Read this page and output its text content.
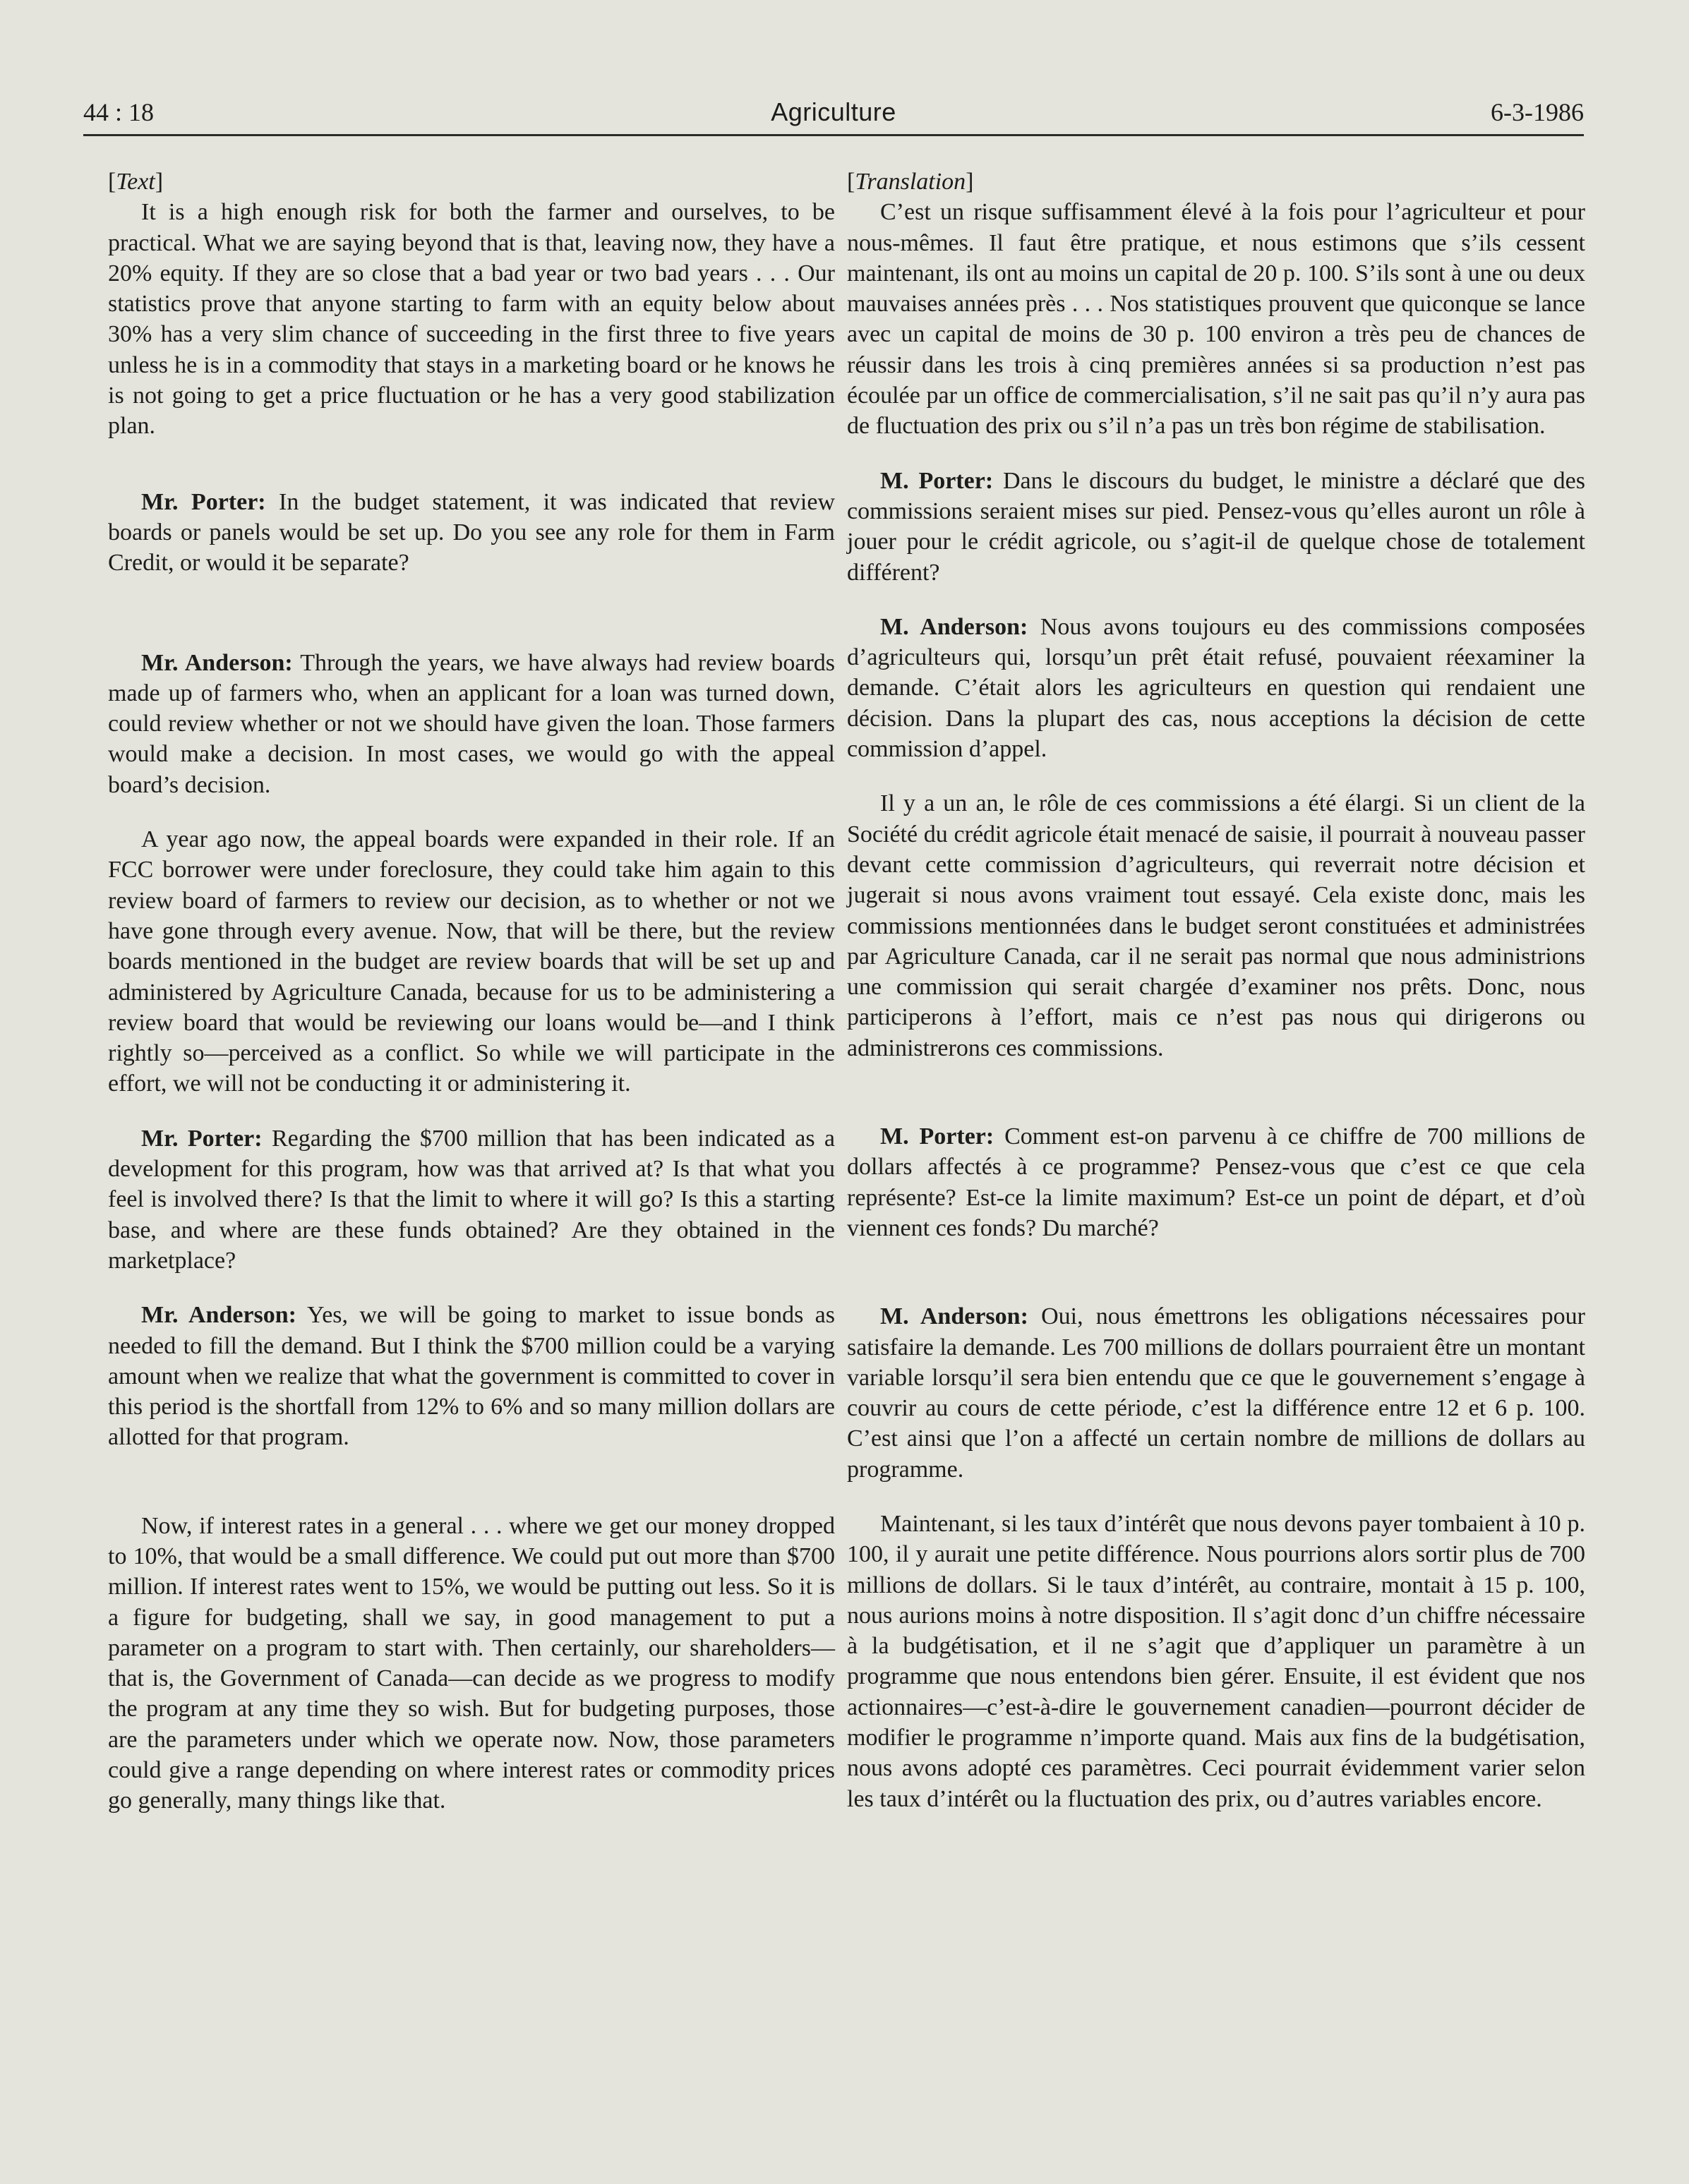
44 : 18	Agriculture	6-3-1986

[Text]

It is a high enough risk for both the farmer and ourselves, to be practical. What we are saying beyond that is that, leaving now, they have a 20% equity. If they are so close that a bad year or two bad years . . . Our statistics prove that anyone starting to farm with an equity below about 30% has a very slim chance of succeeding in the first three to five years unless he is in a commodity that stays in a marketing board or he knows he is not going to get a price fluctuation or he has a very good stabilization plan.

Mr. Porter: In the budget statement, it was indicated that review boards or panels would be set up. Do you see any role for them in Farm Credit, or would it be separate?

Mr. Anderson: Through the years, we have always had review boards made up of farmers who, when an applicant for a loan was turned down, could review whether or not we should have given the loan. Those farmers would make a decision. In most cases, we would go with the appeal board’s decision.

A year ago now, the appeal boards were expanded in their role. If an FCC borrower were under foreclosure, they could take him again to this review board of farmers to review our decision, as to whether or not we have gone through every avenue. Now, that will be there, but the review boards mentioned in the budget are review boards that will be set up and administered by Agriculture Canada, because for us to be administering a review board that would be reviewing our loans would be—and I think rightly so—perceived as a conflict. So while we will participate in the effort, we will not be conducting it or administering it.

Mr. Porter: Regarding the $700 million that has been indicated as a development for this program, how was that arrived at? Is that what you feel is involved there? Is that the limit to where it will go? Is this a starting base, and where are these funds obtained? Are they obtained in the marketplace?

Mr. Anderson: Yes, we will be going to market to issue bonds as needed to fill the demand. But I think the $700 million could be a varying amount when we realize that what the government is committed to cover in this period is the shortfall from 12% to 6% and so many million dollars are allotted for that program.

Now, if interest rates in a general . . . where we get our money dropped to 10%, that would be a small difference. We could put out more than $700 million. If interest rates went to 15%, we would be putting out less. So it is a figure for budgeting, shall we say, in good management to put a parameter on a program to start with. Then certainly, our shareholders—that is, the Government of Canada—can decide as we progress to modify the program at any time they so wish. But for budgeting purposes, those are the parameters under which we operate now. Now, those parameters could give a range depending on where interest rates or commodity prices go generally, many things like that.

[Translation]

C’est un risque suffisamment élevé à la fois pour l’agriculteur et pour nous-mêmes. Il faut être pratique, et nous estimons que s’ils cessent maintenant, ils ont au moins un capital de 20 p. 100. S’ils sont à une ou deux mauvaises années près . . . Nos statistiques prouvent que quiconque se lance avec un capital de moins de 30 p. 100 environ a très peu de chances de réussir dans les trois à cinq premières années si sa production n’est pas écoulée par un office de commercialisation, s’il ne sait pas qu’il n’y aura pas de fluctuation des prix ou s’il n’a pas un très bon régime de stabilisation.

M. Porter: Dans le discours du budget, le ministre a déclaré que des commissions seraient mises sur pied. Pensez-vous qu’elles auront un rôle à jouer pour le crédit agricole, ou s’agit-il de quelque chose de totalement différent?

M. Anderson: Nous avons toujours eu des commissions composées d’agriculteurs qui, lorsqu’un prêt était refusé, pouvaient réexaminer la demande. C’était alors les agriculteurs en question qui rendaient une décision. Dans la plupart des cas, nous acceptions la décision de cette commission d’appel.

Il y a un an, le rôle de ces commissions a été élargi. Si un client de la Société du crédit agricole était menacé de saisie, il pourrait à nouveau passer devant cette commission d’agriculteurs, qui reverrait notre décision et jugerait si nous avons vraiment tout essayé. Cela existe donc, mais les commissions mentionnées dans le budget seront constituées et administrées par Agriculture Canada, car il ne serait pas normal que nous administrions une commission qui serait chargée d’examiner nos prêts. Donc, nous participerons à l’effort, mais ce n’est pas nous qui dirigerons ou administrerons ces commissions.

M. Porter: Comment est-on parvenu à ce chiffre de 700 millions de dollars affectés à ce programme? Pensez-vous que c’est ce que cela représente? Est-ce la limite maximum? Est-ce un point de départ, et d’où viennent ces fonds? Du marché?

M. Anderson: Oui, nous émettrons les obligations nécessaires pour satisfaire la demande. Les 700 millions de dollars pourraient être un montant variable lorsqu’il sera bien entendu que ce que le gouvernement s’engage à couvrir au cours de cette période, c’est la différence entre 12 et 6 p. 100. C’est ainsi que l’on a affecté un certain nombre de millions de dollars au programme.

Maintenant, si les taux d’intérêt que nous devons payer tombaient à 10 p. 100, il y aurait une petite différence. Nous pourrions alors sortir plus de 700 millions de dollars. Si le taux d’intérêt, au contraire, montait à 15 p. 100, nous aurions moins à notre disposition. Il s’agit donc d’un chiffre nécessaire à la budgétisation, et il ne s’agit que d’appliquer un paramètre à un programme que nous entendons bien gérer. Ensuite, il est évident que nos actionnaires—c’est-à-dire le gouvernement canadien—pourront décider de modifier le programme n’importe quand. Mais aux fins de la budgétisation, nous avons adopté ces paramètres. Ceci pourrait évidemment varier selon les taux d’intérêt ou la fluctuation des prix, ou d’autres variables encore.
